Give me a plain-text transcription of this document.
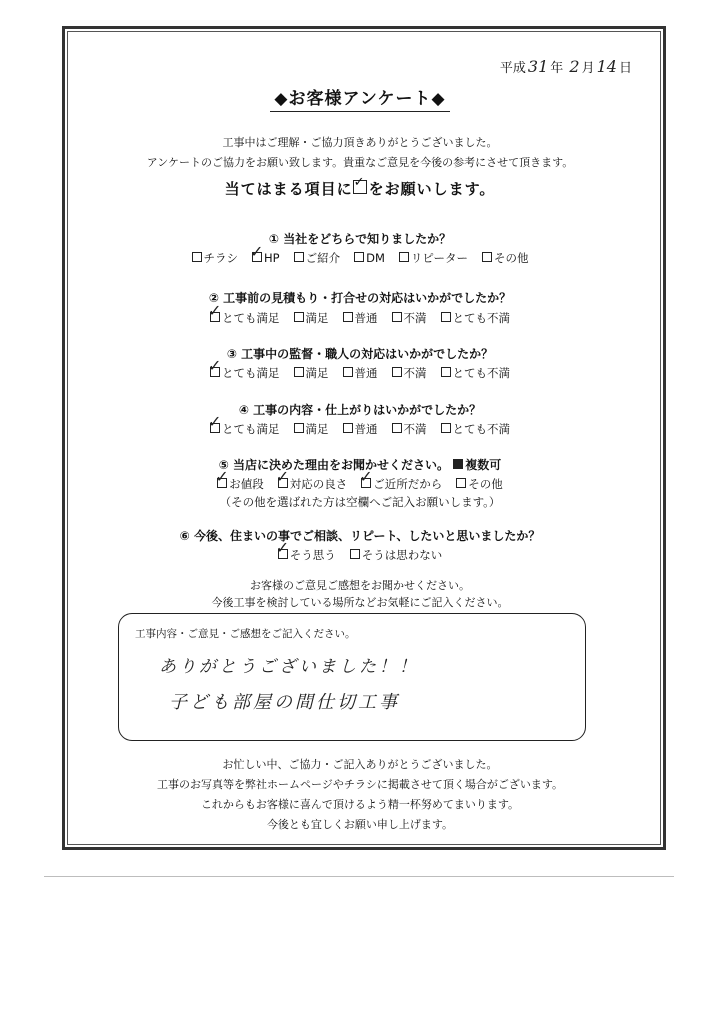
平成 31 年 2 月 14 日
◆お客様アンケート◆
工事中はご理解・ご協力頂きありがとうございました。
アンケートのご協力をお願い致します。貴重なご意見を今後の参考にさせて頂きます。
当てはまる項目に ✓ をお願いします。
① 当社をどちらで知りましたか？
チラシ ✓ HP ご紹介 DM リピーター その他
② 工事前の見積もり・打合せの対応はいかがでしたか？
✓ とても満足 満足 普通 不満 とても不満
③ 工事中の監督・職人の対応はいかがでしたか？
✓ とても満足 満足 普通 不満 とても不満
④ 工事の内容・仕上がりはいかがでしたか？
✓ とても満足 満足 普通 不満 とても不満
⑤ 当店に決めた理由をお聞かせください。 複数可
✓ お値段 ✓ 対応の良さ ✓ ご近所だから その他
（その他を選ばれた方は空欄へご記入お願いします。）
⑥ 今後、住まいの事でご相談、リピート、したいと思いましたか？
✓ そう思う そうは思わない
お客様のご意見ご感想をお聞かせください。
今後工事を検討している場所などお気軽にご記入ください。
工事内容・ご意見・ご感想をご記入ください。
ありがとうございました！！
子ども部屋の間仕切工事
お忙しい中、ご協力・ご記入ありがとうございました。
工事のお写真等を弊社ホームページやチラシに掲載させて頂く場合がございます。
これからもお客様に喜んで頂けるよう精一杯努めてまいります。
今後とも宜しくお願い申し上げます。
